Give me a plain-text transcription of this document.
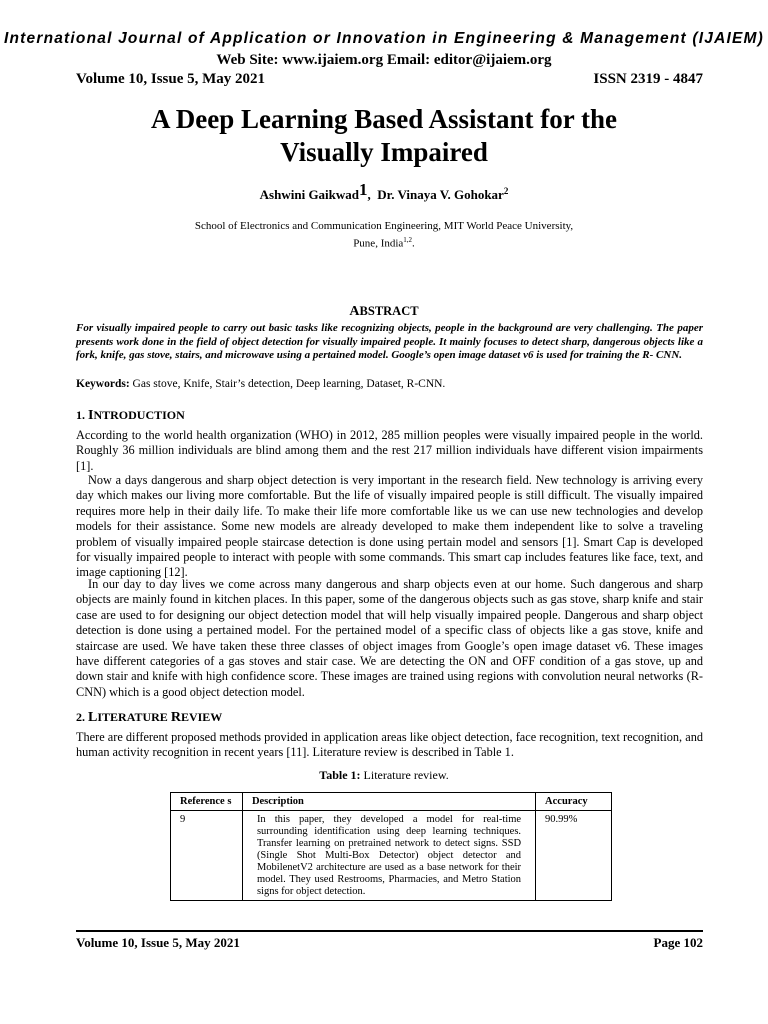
International Journal of Application or Innovation in Engineering & Management (IJAIEM)
Web Site: www.ijaiem.org Email: editor@ijaiem.org
Volume 10, Issue 5, May 2021	ISSN 2319 - 4847
A Deep Learning Based Assistant for the
Visually Impaired
Ashwini Gaikwad1,  Dr. Vinaya V. Gohokar$^2$
School of Electronics and Communication Engineering, MIT World Peace University,
Pune, India$^{1,2}$.
ABSTRACT

For visually impaired people to carry out basic tasks like recognizing objects, people in the background are very challenging. The paper presents work done in the field of object detection for visually impaired people. It mainly focuses to detect sharp, dangerous objects like a fork, knife, gas stove, stairs, and microwave using a pertained model. Google’s open image dataset v6 is used for training the R- CNN.

Keywords: Gas stove, Knife, Stair’s detection, Deep learning, Dataset, R-CNN.
1. INTRODUCTION

According to the world health organization (WHO) in 2012, 285 million peoples were visually impaired people in the world. Roughly 36 million individuals are blind among them and the rest 217 million individuals have different vision impairments [1].

Now a days dangerous and sharp object detection is very important in the research field. New technology is arriving every day which makes our living more comfortable. But the life of visually impaired people is still difficult. The visually impaired requires more help in their daily life. To make their life more comfortable like us we can use new technologies and develop models for their assistance. Some new models are already developed to make them independent like to solve a traveling problem of visually impaired people staircase detection is done using pertain model and sensors [1]. Smart Cap is developed for visually impaired people to interact with people with some commands. This smart cap includes features like face, text, and image captioning [12].

In our day to day lives we come across many dangerous and sharp objects even at our home. Such dangerous and sharp objects are mainly found in kitchen places. In this paper, some of the dangerous objects such as gas stove, sharp knife and stair case are used to for designing our object detection model that will help visually impaired people. Dangerous and sharp object detection is done using a pertained model. For the pertained model of a specific class of objects like a gas stove, knife and staircase are used. We have taken these three classes of object images from Google’s open image dataset v6. These images have different categories of a gas stoves and stair case. We are detecting the ON and OFF condition of a gas stove, up and down stair and knife with high confidence score. These images are trained using regions with convolution neural networks (R-CNN) which is a good object detection model.

2. LITERATURE REVIEW

There are different proposed methods provided in application areas like object detection, face recognition, text recognition, and human activity recognition in recent years [11]. Literature review is described in Table 1.

Table 1: Literature review.
Reference s	Description	Accuracy
9	In this paper, they developed a model for real-time surrounding identification using deep learning techniques. Transfer learning on pretrained network to detect signs. SSD (Single Shot Multi-Box Detector) object detector and MobilenetV2 architecture are used as a base network for their model. They used Restrooms, Pharmacies, and Metro Station signs for object detection.	90.99%
Volume 10, Issue 5, May 2021	Page 102
